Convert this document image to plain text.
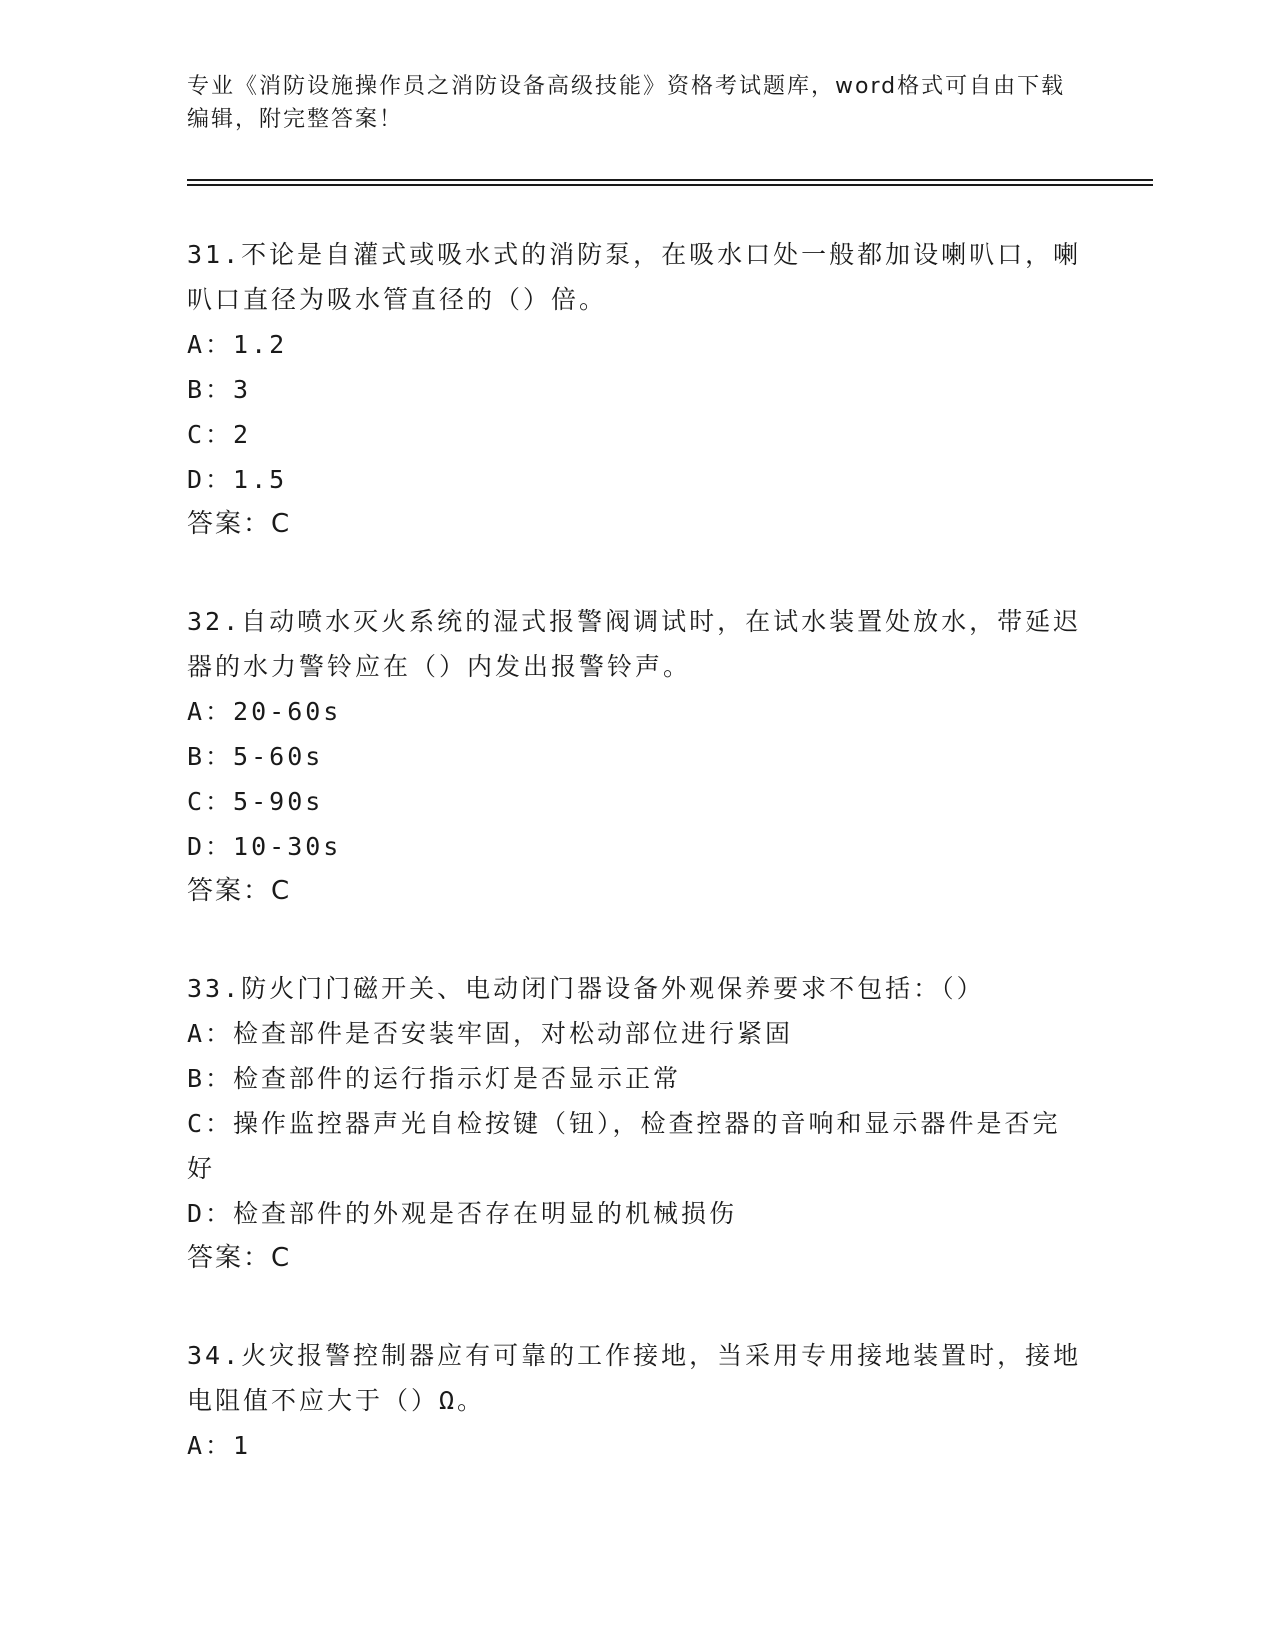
专业《消防设施操作员之消防设备高级技能》资格考试题库，word格式可自由下载编辑，附完整答案！

31.不论是自灌式或吸水式的消防泵，在吸水口处一般都加设喇叭口，喇叭口直径为吸水管直径的（）倍。

A：1.2
B：3
C：2
D：1.5

答案：C

32.自动喷水灭火系统的湿式报警阀调试时，在试水装置处放水，带延迟器的水力警铃应在（）内发出报警铃声。

A：20-60s
B：5-60s
C：5-90s
D：10-30s

答案：C

33.防火门门磁开关、电动闭门器设备外观保养要求不包括：（）

A：检查部件是否安装牢固，对松动部位进行紧固
B：检查部件的运行指示灯是否显示正常
C：操作监控器声光自检按键（钮），检查控器的音响和显示器件是否完好
D：检查部件的外观是否存在明显的机械损伤

答案：C

34.火灾报警控制器应有可靠的工作接地，当采用专用接地装置时，接地电阻值不应大于（）Ω。

A：1
